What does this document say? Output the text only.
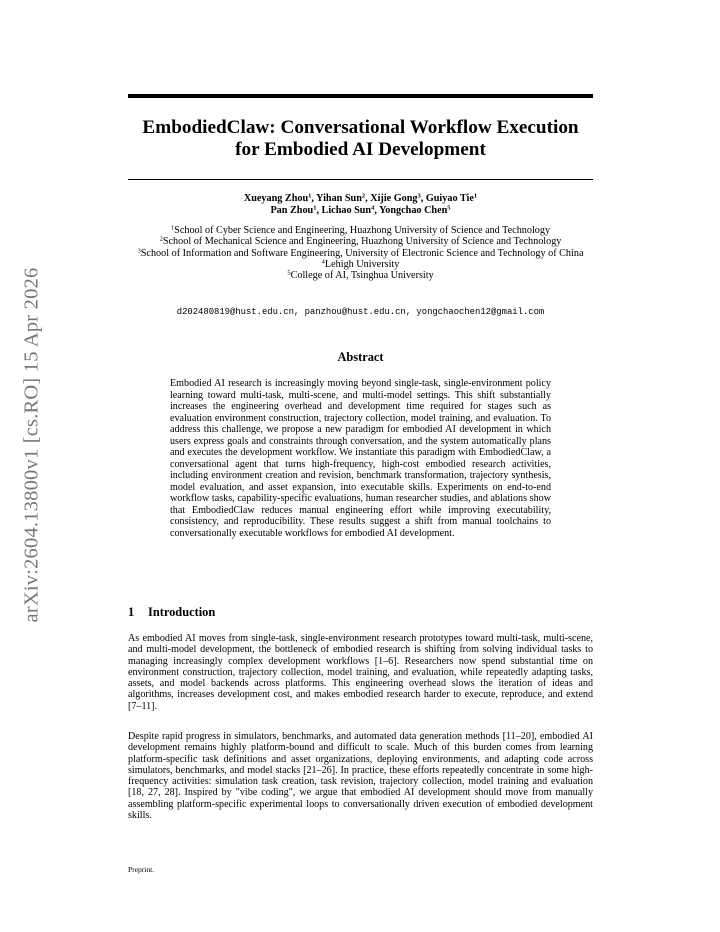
arXiv:2604.13800v1 [cs.RO] 15 Apr 2026
EmbodiedClaw: Conversational Workflow Execution
for Embodied AI Development
Xueyang Zhou$^1$, Yihan Sun$^2$, Xijie Gong$^3$, Guiyao Tie$^1$
Pan Zhou$^1$, Lichao Sun$^4$, Yongchao Chen$^5$
$^1$School of Cyber Science and Engineering, Huazhong University of Science and Technology
$^2$School of Mechanical Science and Engineering, Huazhong University of Science and Technology
$^3$School of Information and Software Engineering, University of Electronic Science and Technology of China
$^4$Lehigh University
$^5$College of AI, Tsinghua University
d202480819@hust.edu.cn, panzhou@hust.edu.cn, yongchaochen12@gmail.com
Abstract
Embodied AI research is increasingly moving beyond single-task, single-environment policy learning toward multi-task, multi-scene, and multi-model settings. This shift substantially increases the engineering overhead and development time required for stages such as evaluation environment construction, trajectory collection, model training, and evaluation. To address this challenge, we propose a new paradigm for embodied AI development in which users express goals and constraints through conversation, and the system automatically plans and executes the development workflow. We instantiate this paradigm with EmbodiedClaw, a conversational agent that turns high-frequency, high-cost embodied research activities, including environment creation and revision, benchmark transformation, trajectory synthesis, model evaluation, and asset expansion, into executable skills. Experiments on end-to-end workflow tasks, capability-specific evaluations, human researcher studies, and ablations show that EmbodiedClaw reduces manual engineering effort while improving executability, consistency, and reproducibility. These results suggest a shift from manual toolchains to conversationally executable workflows for embodied AI development.
1 Introduction
As embodied AI moves from single-task, single-environment research prototypes toward multi-task, multi-scene, and multi-model development, the bottleneck of embodied research is shifting from solving individual tasks to managing increasingly complex development workflows [1–6]. Researchers now spend substantial time on environment construction, trajectory collection, model training, and evaluation, while repeatedly adapting tasks, assets, and model backends across platforms. This engineering overhead slows the iteration of ideas and algorithms, increases development cost, and makes embodied research harder to execute, reproduce, and extend [7–11].
Despite rapid progress in simulators, benchmarks, and automated data generation methods [11–20], embodied AI development remains highly platform-bound and difficult to scale. Much of this burden comes from learning platform-specific task definitions and asset organizations, deploying environments, and adapting code across simulators, benchmarks, and model stacks [21–26]. In practice, these efforts repeatedly concentrate in some high-frequency activities: simulation task creation, task revision, trajectory collection, model training and evaluation [18, 27, 28]. Inspired by "vibe coding", we argue that embodied AI development should move from manually assembling platform-specific experimental loops to conversationally driven execution of embodied development skills.
Preprint.
